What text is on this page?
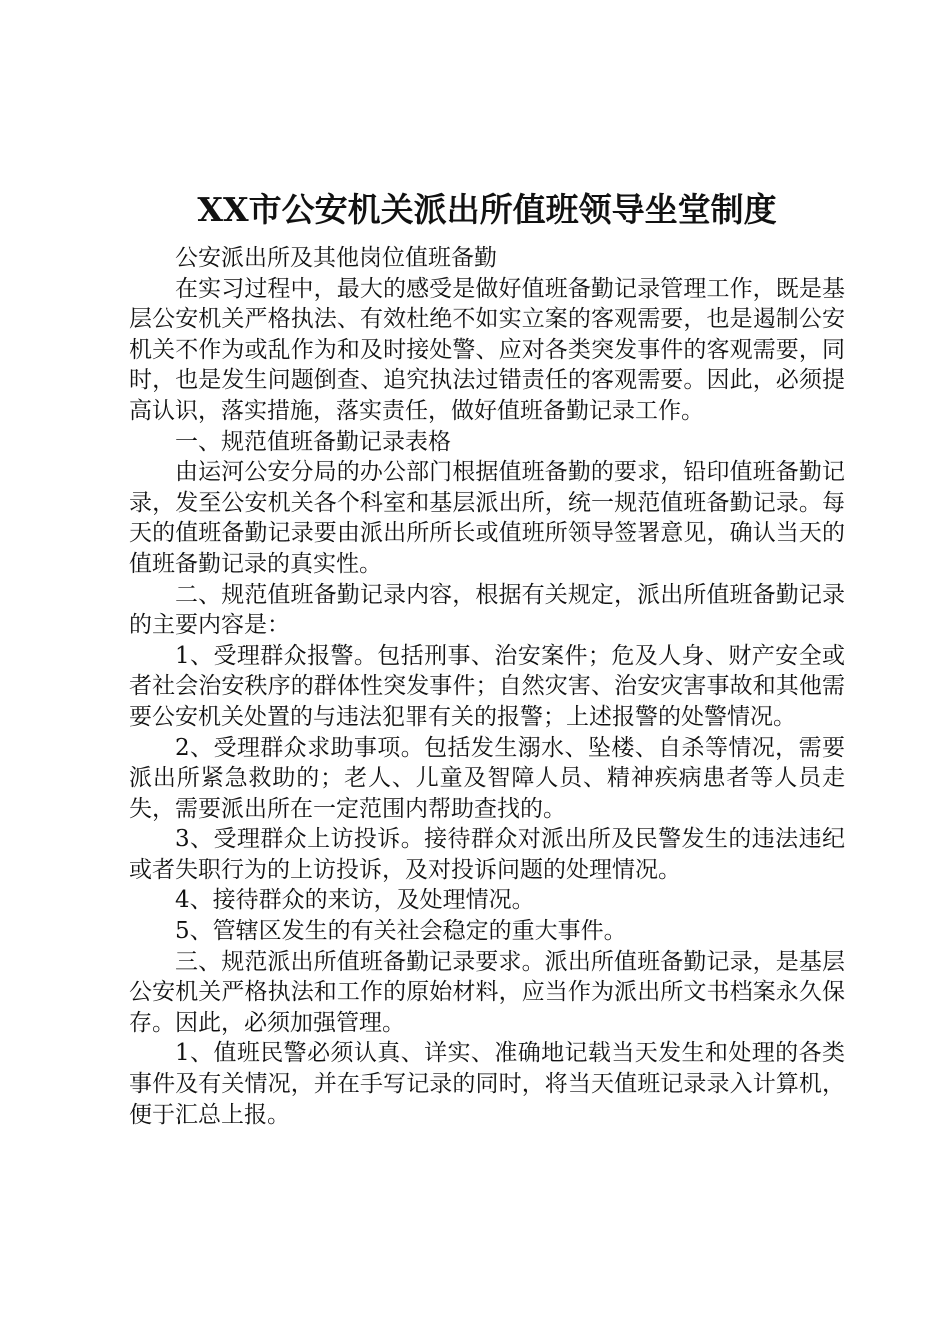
XX市公安机关派出所值班领导坐堂制度

公安派出所及其他岗位值班备勤

在实习过程中，最大的感受是做好值班备勤记录管理工作，既是基层公安机关严格执法、有效杜绝不如实立案的客观需要，也是遏制公安机关不作为或乱作为和及时接处警、应对各类突发事件的客观需要，同时，也是发生问题倒查、追究执法过错责任的客观需要。因此，必须提高认识，落实措施，落实责任，做好值班备勤记录工作。

一、规范值班备勤记录表格

由运河公安分局的办公部门根据值班备勤的要求，铅印值班备勤记录，发至公安机关各个科室和基层派出所，统一规范值班备勤记录。每天的值班备勤记录要由派出所所长或值班所领导签署意见，确认当天的值班备勤记录的真实性。

二、规范值班备勤记录内容，根据有关规定，派出所值班备勤记录的主要内容是：

1、受理群众报警。包括刑事、治安案件；危及人身、财产安全或者社会治安秩序的群体性突发事件；自然灾害、治安灾害事故和其他需要公安机关处置的与违法犯罪有关的报警；上述报警的处警情况。

2、受理群众求助事项。包括发生溺水、坠楼、自杀等情况，需要派出所紧急救助的；老人、儿童及智障人员、精神疾病患者等人员走失，需要派出所在一定范围内帮助查找的。

3、受理群众上访投诉。接待群众对派出所及民警发生的违法违纪或者失职行为的上访投诉，及对投诉问题的处理情况。

4、接待群众的来访，及处理情况。

5、管辖区发生的有关社会稳定的重大事件。

三、规范派出所值班备勤记录要求。派出所值班备勤记录，是基层公安机关严格执法和工作的原始材料，应当作为派出所文书档案永久保存。因此，必须加强管理。

1、值班民警必须认真、详实、准确地记载当天发生和处理的各类事件及有关情况，并在手写记录的同时，将当天值班记录录入计算机，便于汇总上报。
